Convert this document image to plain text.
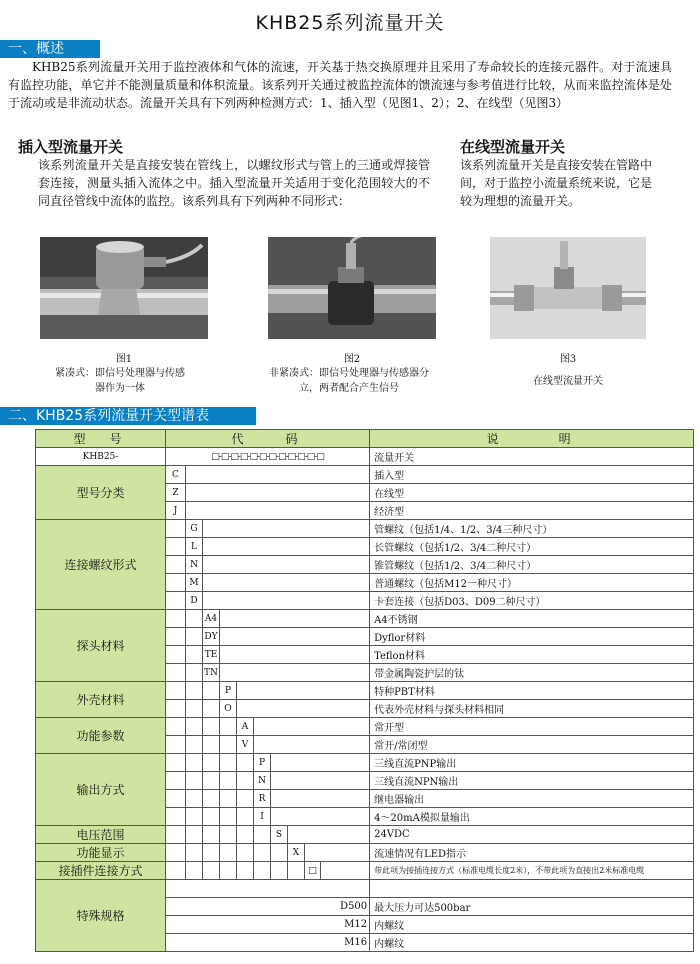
KHB25系列流量开关
一、概述
KHB25系列流量开关用于监控液体和气体的流速，开关基于热交换原理并且采用了寿命较长的连接元器件。对于流速具有监控功能，单它并不能测量质量和体积流量。该系列开关通过被监控流体的馈流速与参考值进行比较，从而来监控流体是处于流动或是非流动状态。流量开关具有下列两种检测方式：1、插入型（见图1、2）；2、在线型（见图3）
插入型流量开关
该系列流量开关是直接安装在管线上，以螺纹形式与管上的三通或焊接管套连接，测量头插入流体之中。插入型流量开关适用于变化范围较大的不同直径管线中流体的监控。该系列具有下列两种不同形式：
在线型流量开关
该系列流量开关是直接安装在管路中间，对于监控小流量系统来说，它是较为理想的流量开关。
图1
紧凑式：即信号处理器与传感器作为一体
图2
非紧凑式：即信号处理器与传感器分立，两者配合产生信号
图3
在线型流量开关
二、KHB25系列流量开关型谱表
型　号	代　　码										说　　　明
KHB25-	□-□-□-□-□-□-□-□-□-□-□-□										流量开关
型号分类	C										插入型
	Z										在线型
	J										经济型
连接螺纹形式		G									管螺纹（包括1/4、1/2、3/4三种尺寸）
		L									长管螺纹（包括1/2、3/4二种尺寸）
		N									锥管螺纹（包括1/2、3/4二种尺寸）
		M									普通螺纹（包括M12一种尺寸）
		D									卡套连接（包括D03、D09二种尺寸）
探头材料			A4								A4不锈钢
			DY								Dyflor材料
			TE								Teflon材料
			TN								带金属陶瓷护层的钛
外壳材料				P							特种PBT材料
				O							代表外壳材料与探头材料相同
功能参数					A						常开型
					V						常开/常闭型
输出方式						P					三线直流PNP输出
						N					三线直流NPN输出
						R					继电器输出
						I					4～20mA模拟量输出
电压范围							S				24VDC
功能显示								X			流速情况有LED指示
接插件连接方式									□		带此项为接插连接方式（标准电缆长度2米），不带此项为直接出2米标准电缆
特殊规格											
	D500										最大压力可达500bar
	M12										内螺纹
	M16										内螺纹
